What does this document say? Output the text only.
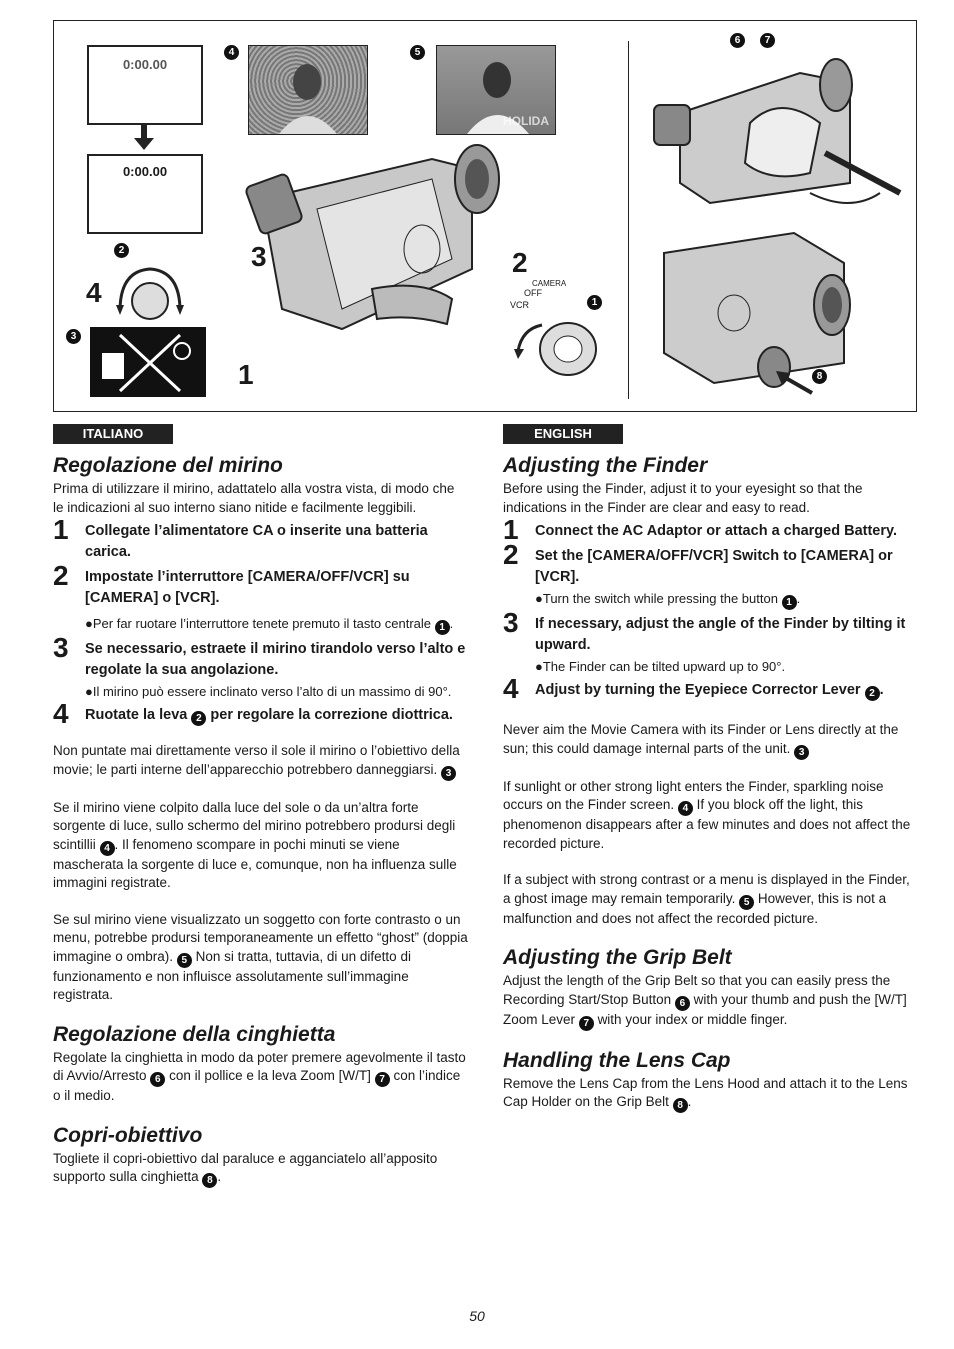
0:00.00
0:00.00
4	5
HOLIDA
3
1
2
2
4
3
CAMERA
OFF
VCR	1
6	7
8
ITALIANO
Regolazione del mirino

Prima di utilizzare il mirino, adattatelo alla vostra vista, di modo che le indicazioni al suo interno siano nitide e facilmente leggibili.

1 Collegate l’alimentatore CA o inserite una batteria carica.
2 Impostate l’interruttore [CAMERA/OFF/VCR] su [CAMERA] o [VCR].
●Per far ruotare l’interruttore tenete premuto il tasto centrale 1 .
3 Se necessario, estraete il mirino tirandolo verso l’alto e regolate la sua angolazione.
●Il mirino può essere inclinato verso l’alto di un massimo di 90°.
4 Ruotate la leva 2 per regolare la correzione diottrica.

Non puntate mai direttamente verso il sole il mirino o l’obiettivo della movie; le parti interne dell’apparecchio potrebbero danneggiarsi. 3

Se il mirino viene colpito dalla luce del sole o da un’altra forte sorgente di luce, sullo schermo del mirino potrebbero prodursi degli scintillii 4 . Il fenomeno scompare in pochi minuti se viene mascherata la sorgente di luce e, comunque, non ha influenza sulle immagini registrate.

Se sul mirino viene visualizzato un soggetto con forte contrasto o un menu, potrebbe prodursi temporaneamente un effetto “ghost” (doppia immagine o ombra). 5 Non si tratta, tuttavia, di un difetto di funzionamento e non influisce assolutamente sull’immagine registrata.

Regolazione della cinghietta

Regolate la cinghietta in modo da poter premere agevolmente il tasto di Avvio/Arresto 6 con il pollice e la leva Zoom [W/T] 7 con l’indice o il medio.

Copri-obiettivo

Togliete il copri-obiettivo dal paraluce e agganciatelo all’apposito supporto sulla cinghietta 8 .

ENGLISH
Adjusting the Finder

Before using the Finder, adjust it to your eyesight so that the indications in the Finder are clear and easy to read.

1 Connect the AC Adaptor or attach a charged Battery.
2 Set the [CAMERA/OFF/VCR] Switch to [CAMERA] or [VCR].
●Turn the switch while pressing the button 1 .
3 If necessary, adjust the angle of the Finder by tilting it upward.
●The Finder can be tilted upward up to 90°.
4 Adjust by turning the Eyepiece Corrector Lever 2 .

Never aim the Movie Camera with its Finder or Lens directly at the sun; this could damage internal parts of the unit. 3

If sunlight or other strong light enters the Finder, sparkling noise occurs on the Finder screen. 4 If you block off the light, this phenomenon disappears after a few minutes and does not affect the recorded picture.

If a subject with strong contrast or a menu is displayed in the Finder, a ghost image may remain temporarily. 5 However, this is not a malfunction and does not affect the recorded picture.

Adjusting the Grip Belt

Adjust the length of the Grip Belt so that you can easily press the Recording Start/Stop Button 6 with your thumb and push the [W/T] Zoom Lever 7 with your index or middle finger.

Handling the Lens Cap

Remove the Lens Cap from the Lens Hood and attach it to the Lens Cap Holder on the Grip Belt 8 .

50
